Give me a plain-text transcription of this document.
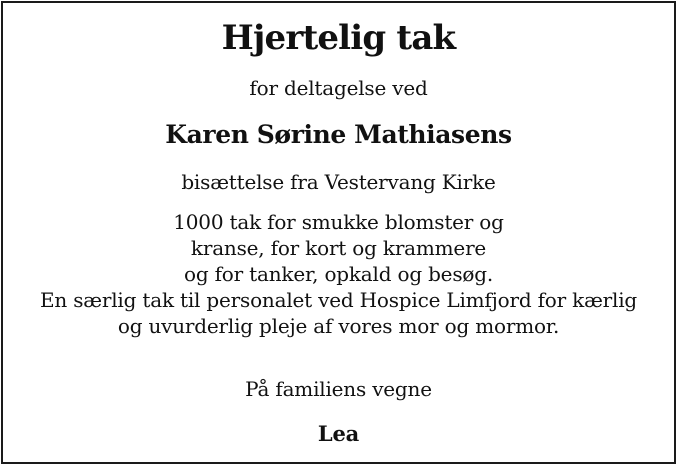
Hjertelig tak
for deltagelse ved
Karen Sørine Mathiasens
bisættelse fra Vestervang Kirke
1000 tak for smukke blomster og
kranse, for kort og krammere
og for tanker, opkald og besøg.
En særlig tak til personalet ved Hospice Limfjord for kærlig
og uvurderlig pleje af vores mor og mormor.
På familiens vegne
Lea
